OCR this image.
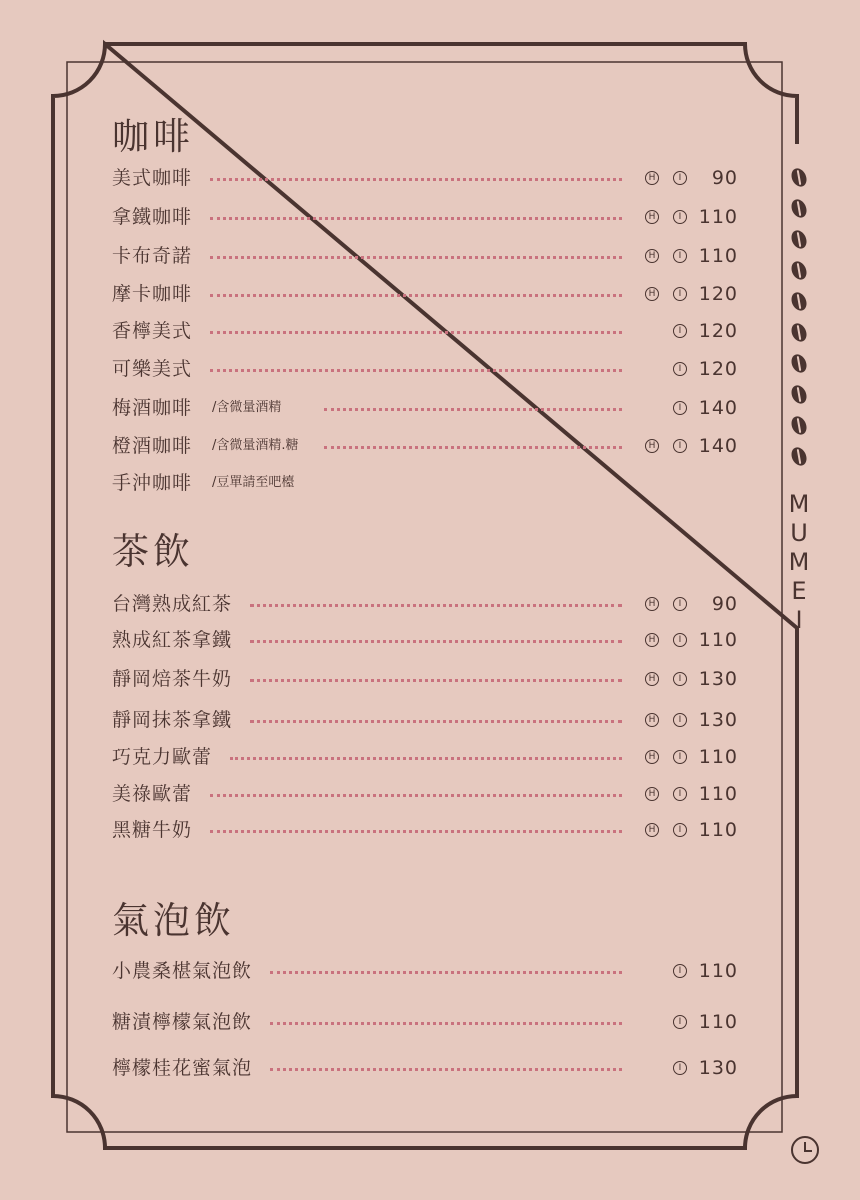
咖啡
美式咖啡	H	I 90
拿鐵咖啡	H	I 110
卡布奇諾	H	I 110
摩卡咖啡	H	I 120
香檸美式	I 120
可樂美式	I 120
梅酒咖啡 /含微量酒精	I 140
橙酒咖啡 /含微量酒精.糖	H	I 140
手沖咖啡 /豆單請至吧檯
茶飲
台灣熟成紅茶	H	I 90
熟成紅茶拿鐵	H	I 110
靜岡焙茶牛奶	H	I 130
靜岡抹茶拿鐵	H	I 130
巧克力歐蕾	H	I 110
美祿歐蕾	H	I 110
黑糖牛奶	H	I 110
氣泡飲
小農桑椹氣泡飲	I 110
糖漬檸檬氣泡飲	I 110
檸檬桂花蜜氣泡	I 130
M
U
M
E
I
